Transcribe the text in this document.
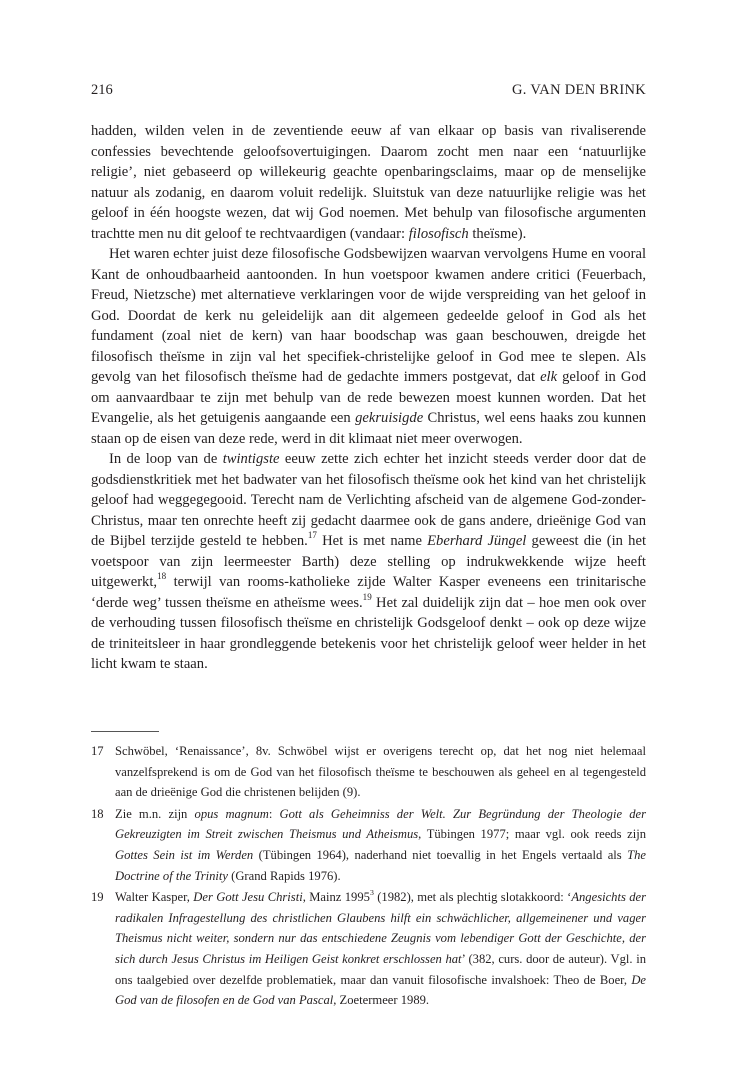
216	G. VAN DEN BRINK

hadden, wilden velen in de zeventiende eeuw af van elkaar op basis van rivaliserende confessies bevechtende geloofsovertuigingen. Daarom zocht men naar een ‘natuurlijke religie’, niet gebaseerd op willekeurig geachte openbaringsclaims, maar op de menselijke natuur als zodanig, en daarom voluit redelijk. Sluitstuk van deze natuurlijke religie was het geloof in één hoogste wezen, dat wij God noemen. Met behulp van filosofische argumenten trachtte men nu dit geloof te rechtvaardigen (vandaar: filosofisch theïsme).

Het waren echter juist deze filosofische Godsbewijzen waarvan vervolgens Hume en vooral Kant de onhoudbaarheid aantoonden. In hun voetspoor kwamen andere critici (Feuerbach, Freud, Nietzsche) met alternatieve verklaringen voor de wijde verspreiding van het geloof in God. Doordat de kerk nu geleidelijk aan dit algemeen gedeelde geloof in God als het fundament (zoal niet de kern) van haar boodschap was gaan beschouwen, dreigde het filosofisch theïsme in zijn val het specifiek-christelijke geloof in God mee te slepen. Als gevolg van het filosofisch theïsme had de gedachte immers postgevat, dat elk geloof in God om aanvaardbaar te zijn met behulp van de rede bewezen moest kunnen worden. Dat het Evangelie, als het getuigenis aangaande een gekruisigde Christus, wel eens haaks zou kunnen staan op de eisen van deze rede, werd in dit klimaat niet meer overwogen.

In de loop van de twintigste eeuw zette zich echter het inzicht steeds verder door dat de godsdienstkritiek met het badwater van het filosofisch theïsme ook het kind van het christelijk geloof had weggegegooid. Terecht nam de Verlichting afscheid van de algemene God-zonder-Christus, maar ten onrechte heeft zij gedacht daarmee ook de gans andere, drieënige God van de Bijbel terzijde gesteld te hebben.$^{17}$ Het is met name Eberhard Jüngel geweest die (in het voetspoor van zijn leermeester Barth) deze stelling op indrukwekkende wijze heeft uitgewerkt,$^{18}$ terwijl van rooms-katholieke zijde Walter Kasper eveneens een trinitarische ‘derde weg’ tussen theïsme en atheïsme wees.$^{19}$ Het zal duidelijk zijn dat – hoe men ook over de verhouding tussen filosofisch theïsme en christelijk Godsgeloof denkt – ook op deze wijze de triniteitsleer in haar grondleggende betekenis voor het christelijk geloof weer helder in het licht kwam te staan.

17 Schwöbel, ‘Renaissance’, 8v. Schwöbel wijst er overigens terecht op, dat het nog niet helemaal vanzelfsprekend is om de God van het filosofisch theïsme te beschouwen als geheel en al tegengesteld aan de drieënige God die christenen belijden (9).
18 Zie m.n. zijn opus magnum: Gott als Geheimniss der Welt. Zur Begründung der Theologie der Gekreuzigten im Streit zwischen Theismus und Atheismus, Tübingen 1977; maar vgl. ook reeds zijn Gottes Sein ist im Werden (Tübingen 1964), naderhand niet toevallig in het Engels vertaald als The Doctrine of the Trinity (Grand Rapids 1976).
19 Walter Kasper, Der Gott Jesu Christi, Mainz 1995$^3$ (1982), met als plechtig slotakkoord: ‘Angesichts der radikalen Infragestellung des christlichen Glaubens hilft ein schwächlicher, allgemeinener und vager Theismus nicht weiter, sondern nur das entschiedene Zeugnis vom lebendiger Gott der Geschichte, der sich durch Jesus Christus im Heiligen Geist konkret erschlossen hat’ (382, curs. door de auteur). Vgl. in ons taalgebied over dezelfde problematiek, maar dan vanuit filosofische invalshoek: Theo de Boer, De God van de filosofen en de God van Pascal, Zoetermeer 1989.
